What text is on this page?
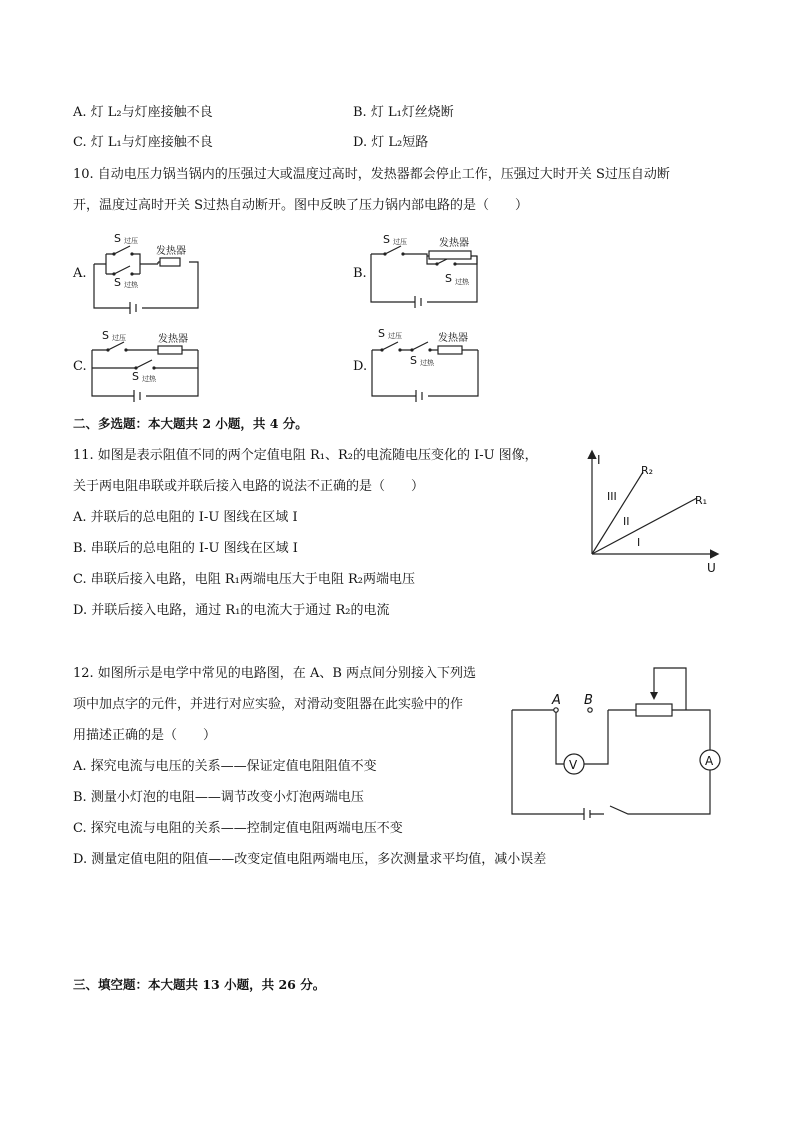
A. 灯 L₂与灯座接触不良	B. 灯 L₁灯丝烧断
C. 灯 L₁与灯座接触不良	D. 灯 L₂短路
10. 自动电压力锅当锅内的压强过大或温度过高时，发热器都会停止工作，压强过大时开关 S过压自动断
开，温度过高时开关 S过热自动断开。图中反映了压力锅内部电路的是（　　）
A.	B.
C.	D.
S 过压
S 过热
发热器
S 过压	发热器
S 过热
S 过压	发热器
S 过热
S 过压
S 过热
发热器
二、多选题：本大题共 2 小题，共 4 分。
11. 如图是表示阻值不同的两个定值电阻 R₁、R₂的电流随电压变化的 I-U 图像，
关于两电阻串联或并联后接入电路的说法不正确的是（　　）
A. 并联后的总电阻的 I-U 图线在区域 I
B. 串联后的总电阻的 I-U 图线在区域 I
C. 串联后接入电路，电阻 R₁两端电压大于电阻 R₂两端电压
D. 并联后接入电路，通过 R₁的电流大于通过 R₂的电流
I
U
R₂
R₁
III
II
I
12. 如图所示是电学中常见的电路图，在 A、B 两点间分别接入下列选
项中加点字的元件，并进行对应实验，对滑动变阻器在此实验中的作
用描述正确的是（　　）
A. 探究电流与电压的关系——保证定值电阻阻值不变
B. 测量小灯泡的电阻——调节改变小灯泡两端电压
C. 探究电流与电阻的关系——控制定值电阻两端电压不变
D. 测量定值电阻的阻值——改变定值电阻两端电压，多次测量求平均值，减小误差
A B
V	A
三、填空题：本大题共 13 小题，共 26 分。
